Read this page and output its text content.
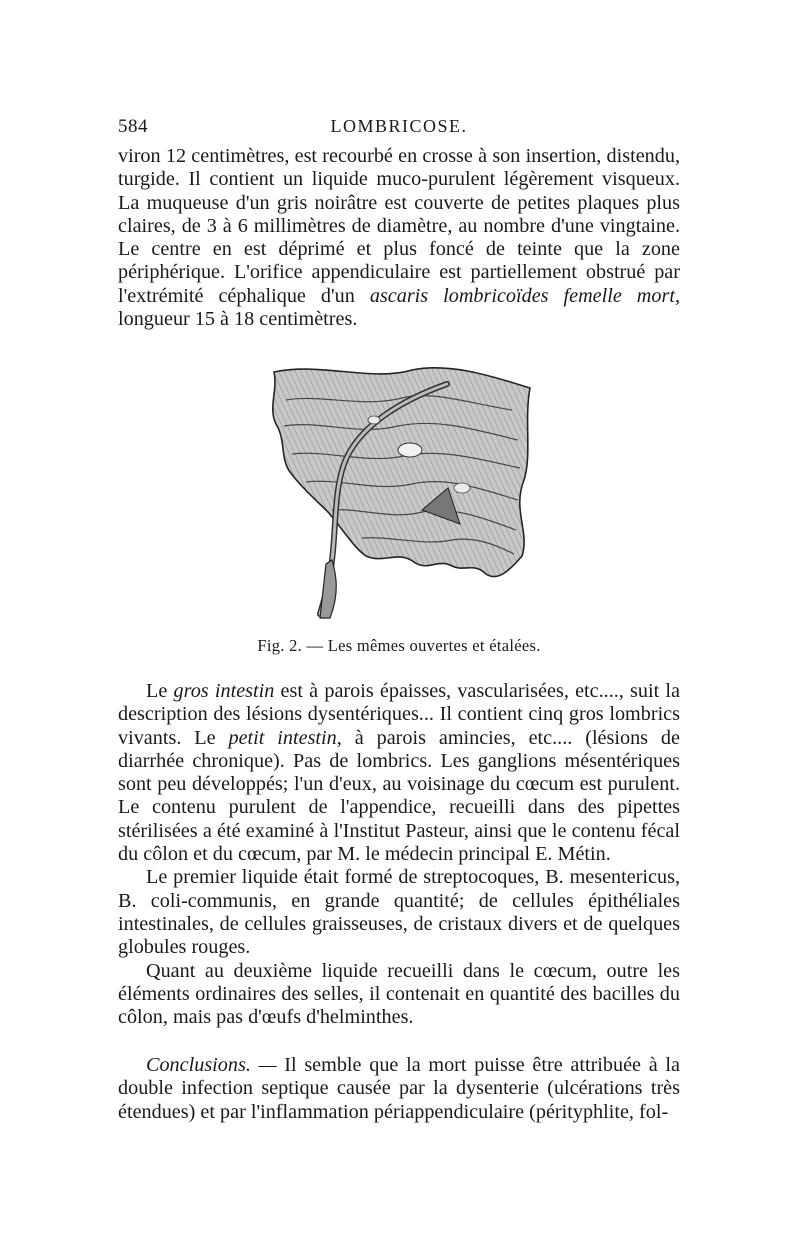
584	LOMBRICOSE.

viron 12 centimètres, est recourbé en crosse à son insertion, distendu, turgide. Il contient un liquide muco-purulent légèrement visqueux. La muqueuse d'un gris noirâtre est couverte de petites plaques plus claires, de 3 à 6 millimètres de diamètre, au nombre d'une vingtaine. Le centre en est déprimé et plus foncé de teinte que la zone périphérique. L'orifice appendiculaire est partiellement obstrué par l'extrémité céphalique d'un ascaris lombricoïdes femelle mort, longueur 15 à 18 centimètres.

Fig. 2. — Les mêmes ouvertes et étalées.

Le gros intestin est à parois épaisses, vascularisées, etc...., suit la description des lésions dysentériques... Il contient cinq gros lombrics vivants. Le petit intestin, à parois amincies, etc.... (lésions de diarrhée chronique). Pas de lombrics. Les ganglions mésentériques sont peu développés; l'un d'eux, au voisinage du cœcum est purulent. Le contenu purulent de l'appendice, recueilli dans des pipettes stérilisées a été examiné à l'Institut Pasteur, ainsi que le contenu fécal du côlon et du cœcum, par M. le médecin principal E. Métin.

Le premier liquide était formé de streptocoques, B. mesentericus, B. coli-communis, en grande quantité; de cellules épithéliales intestinales, de cellules graisseuses, de cristaux divers et de quelques globules rouges.

Quant au deuxième liquide recueilli dans le cœcum, outre les éléments ordinaires des selles, il contenait en quantité des bacilles du côlon, mais pas d'œufs d'helminthes.

Conclusions. — Il semble que la mort puisse être attribuée à la double infection septique causée par la dysenterie (ulcérations très étendues) et par l'inflammation périappendiculaire (pérityphlite, fol-
